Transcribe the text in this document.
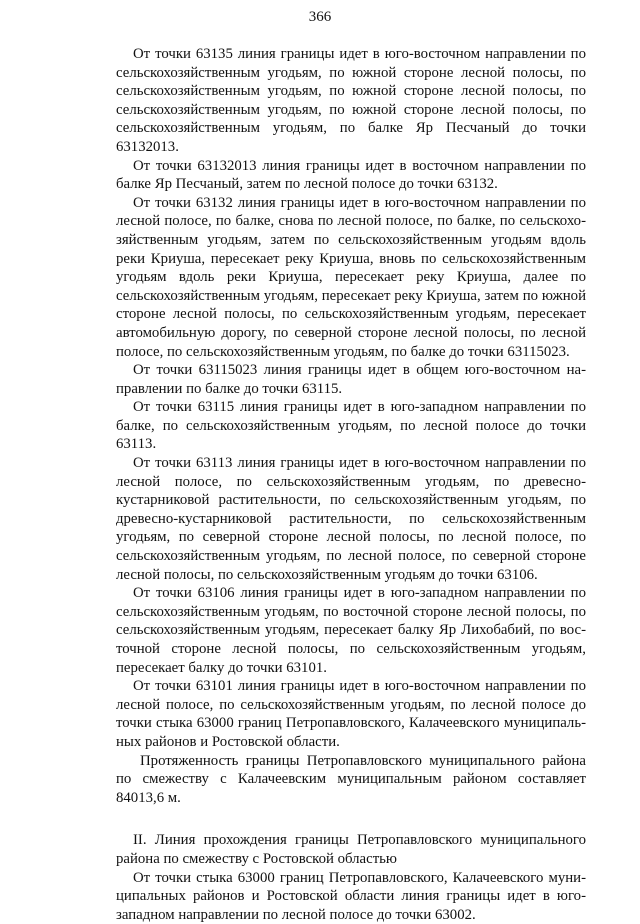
366

От точки 63135 линия границы идет в юго-восточном направлении по сельскохозяйственным угодьям, по южной стороне лесной полосы, по сельскохозяйственным угодьям, по южной стороне лесной полосы, по сельскохозяйственным угодьям, по южной стороне лесной полосы, по сельскохозяйственным угодьям, по балке Яр Песчаный до точки 63132013.

От точки 63132013 линия границы идет в восточном направлении по балке Яр Песчаный, затем по лесной полосе до точки 63132.

От точки 63132 линия границы идет в юго-восточном направлении по лесной полосе, по балке, снова по лесной полосе, по балке, по сельскохозяйственным угодьям, затем по сельскохозяйственным угодьям вдоль реки Криуша, пересекает реку Криуша, вновь по сельскохозяйственным угодьям вдоль реки Криуша, пересекает реку Криуша, далее по сельскохозяйственным угодьям, пересекает реку Криуша, затем по южной стороне лесной полосы, по сельскохозяйственным угодьям, пересекает автомобильную дорогу, по северной стороне лесной полосы, по лесной полосе, по сельскохозяйственным угодьям, по балке до точки 63115023.

От точки 63115023 линия границы идет в общем юго-восточном направлении по балке до точки 63115.

От точки 63115 линия границы идет в юго-западном направлении по балке, по сельскохозяйственным угодьям, по лесной полосе до точки 63113.

От точки 63113 линия границы идет в юго-восточном направлении по лесной полосе, по сельскохозяйственным угодьям, по древесно-кустарниковой растительности, по сельскохозяйственным угодьям, по древесно-кустарниковой растительности, по сельскохозяйственным угодьям, по северной стороне лесной полосы, по лесной полосе, по сельскохозяйственным угодьям, по лесной полосе, по северной стороне лесной полосы, по сельскохозяйственным угодьям до точки 63106.

От точки 63106 линия границы идет в юго-западном направлении по сельскохозяйственным угодьям, по восточной стороне лесной полосы, по сельскохозяйственным угодьям, пересекает балку Яр Лихобабий, по восточной стороне лесной полосы, по сельскохозяйственным угодьям, пересекает балку до точки 63101.

От точки 63101 линия границы идет в юго-восточном направлении по лесной полосе, по сельскохозяйственным угодьям, по лесной полосе до точки стыка 63000 границ Петропавловского, Калачеевского муниципальных районов и Ростовской области.

Протяженность границы Петропавловского муниципального района по смежеству с Калачеевским муниципальным районом составляет 84013,6 м.

II. Линия прохождения границы Петропавловского муниципального района по смежеству с Ростовской областью

От точки стыка 63000 границ Петропавловского, Калачеевского муниципальных районов и Ростовской области линия границы идет в юго-западном направлении по лесной полосе до точки 63002.
